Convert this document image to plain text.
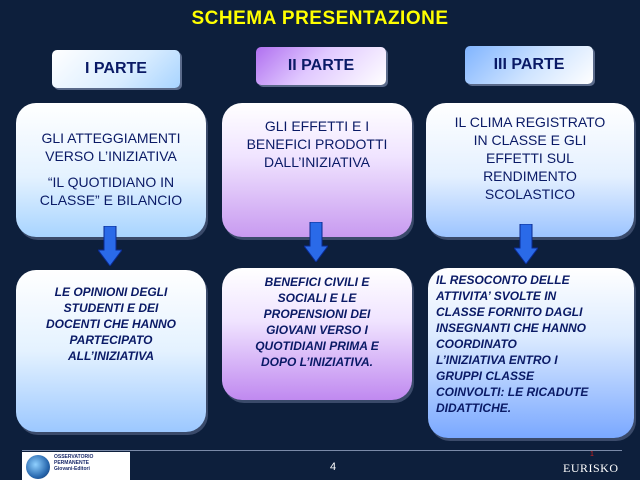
SCHEMA PRESENTAZIONE
I PARTE	II PARTE	III PARTE
GLI ATTEGGIAMENTI
VERSO L’INIZIATIVA
“IL QUOTIDIANO IN
CLASSE” E BILANCIO
GLI EFFETTI E I
BENEFICI PRODOTTI
DALL’INIZIATIVA
IL CLIMA REGISTRATO
IN CLASSE E GLI
EFFETTI SUL
RENDIMENTO
SCOLASTICO
LE OPINIONI DEGLI
STUDENTI E DEI
DOCENTI CHE HANNO
PARTECIPATO
ALL’INIZIATIVA
BENEFICI CIVILI E
SOCIALI E LE
PROPENSIONI DEI
GIOVANI VERSO I
QUOTIDIANI PRIMA E
DOPO L’INIZIATIVA.
IL RESOCONTO DELLE
ATTIVITA’ SVOLTE IN
CLASSE FORNITO DAGLI
INSEGNANTI CHE HANNO
COORDINATO
L’INIZIATIVA ENTRO I
GRUPPI CLASSE
COINVOLTI: LE RICADUTE
DIDATTICHE.
OSSERVATORIO
PERMANENTE
Giovani-Editori	4
1
EURISKO
